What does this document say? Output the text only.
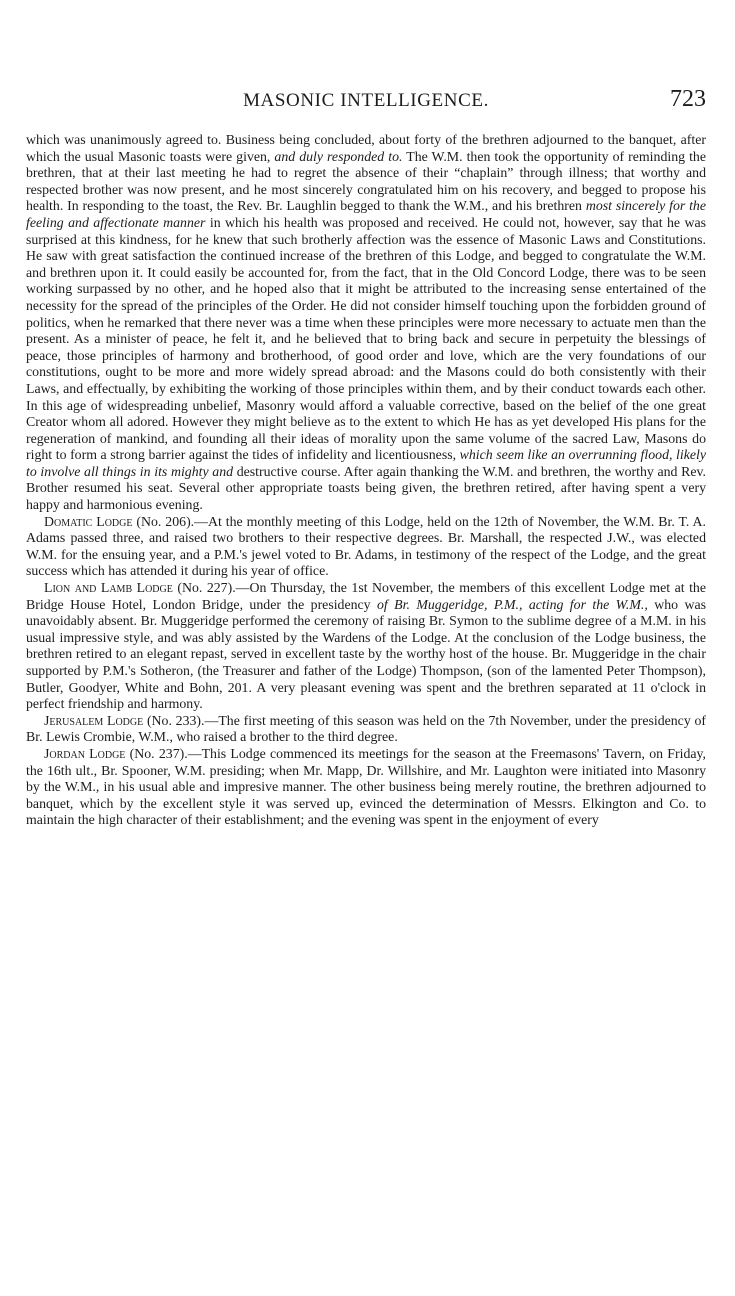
MASONIC INTELLIGENCE.	723

which was unanimously agreed to. Business being concluded, about forty of the brethren adjourned to the banquet, after which the usual Masonic toasts were given, and duly responded to. The W.M. then took the opportunity of reminding the brethren, that at their last meeting he had to regret the absence of their “chaplain” through illness; that worthy and respected brother was now present, and he most sincerely congratulated him on his recovery, and begged to propose his health. In responding to the toast, the Rev. Br. Laughlin begged to thank the W.M., and his brethren most sincerely for the feeling and affectionate manner in which his health was proposed and received. He could not, however, say that he was surprised at this kindness, for he knew that such brotherly affection was the essence of Masonic Laws and Constitutions. He saw with great satisfaction the continued increase of the brethren of this Lodge, and begged to congratulate the W.M. and brethren upon it. It could easily be accounted for, from the fact, that in the Old Concord Lodge, there was to be seen working surpassed by no other, and he hoped also that it might be attributed to the increasing sense entertained of the necessity for the spread of the principles of the Order. He did not consider himself touching upon the forbidden ground of politics, when he remarked that there never was a time when these principles were more necessary to actuate men than the present. As a minister of peace, he felt it, and he believed that to bring back and secure in perpetuity the blessings of peace, those principles of harmony and brotherhood, of good order and love, which are the very foundations of our constitutions, ought to be more and more widely spread abroad: and the Masons could do both consistently with their Laws, and effectually, by exhibiting the working of those principles within them, and by their conduct towards each other. In this age of widespreading unbelief, Masonry would afford a valuable corrective, based on the belief of the one great Creator whom all adored. However they might believe as to the extent to which He has as yet developed His plans for the regeneration of mankind, and founding all their ideas of morality upon the same volume of the sacred Law, Masons do right to form a strong barrier against the tides of infidelity and licentiousness, which seem like an overrunning flood, likely to involve all things in its mighty and destructive course. After again thanking the W.M. and brethren, the worthy and Rev. Brother resumed his seat. Several other appropriate toasts being given, the brethren retired, after having spent a very happy and harmonious evening.

Domatic Lodge (No. 206).—At the monthly meeting of this Lodge, held on the 12th of November, the W.M. Br. T. A. Adams passed three, and raised two brothers to their respective degrees. Br. Marshall, the respected J.W., was elected W.M. for the ensuing year, and a P.M.'s jewel voted to Br. Adams, in testimony of the respect of the Lodge, and the great success which has attended it during his year of office.

Lion and Lamb Lodge (No. 227).—On Thursday, the 1st November, the members of this excellent Lodge met at the Bridge House Hotel, London Bridge, under the presidency of Br. Muggeridge, P.M., acting for the W.M., who was unavoidably absent. Br. Muggeridge performed the ceremony of raising Br. Symon to the sublime degree of a M.M. in his usual impressive style, and was ably assisted by the Wardens of the Lodge. At the conclusion of the Lodge business, the brethren retired to an elegant repast, served in excellent taste by the worthy host of the house. Br. Muggeridge in the chair supported by P.M.'s Sotheron, (the Treasurer and father of the Lodge) Thompson, (son of the lamented Peter Thompson), Butler, Goodyer, White and Bohn, 201. A very pleasant evening was spent and the brethren separated at 11 o'clock in perfect friendship and harmony.

Jerusalem Lodge (No. 233).—The first meeting of this season was held on the 7th November, under the presidency of Br. Lewis Crombie, W.M., who raised a brother to the third degree.

Jordan Lodge (No. 237).—This Lodge commenced its meetings for the season at the Freemasons' Tavern, on Friday, the 16th ult., Br. Spooner, W.M. presiding; when Mr. Mapp, Dr. Willshire, and Mr. Laughton were initiated into Masonry by the W.M., in his usual able and impresive manner. The other business being merely routine, the brethren adjourned to banquet, which by the excellent style it was served up, evinced the determination of Messrs. Elkington and Co. to maintain the high character of their establishment; and the evening was spent in the enjoyment of every
